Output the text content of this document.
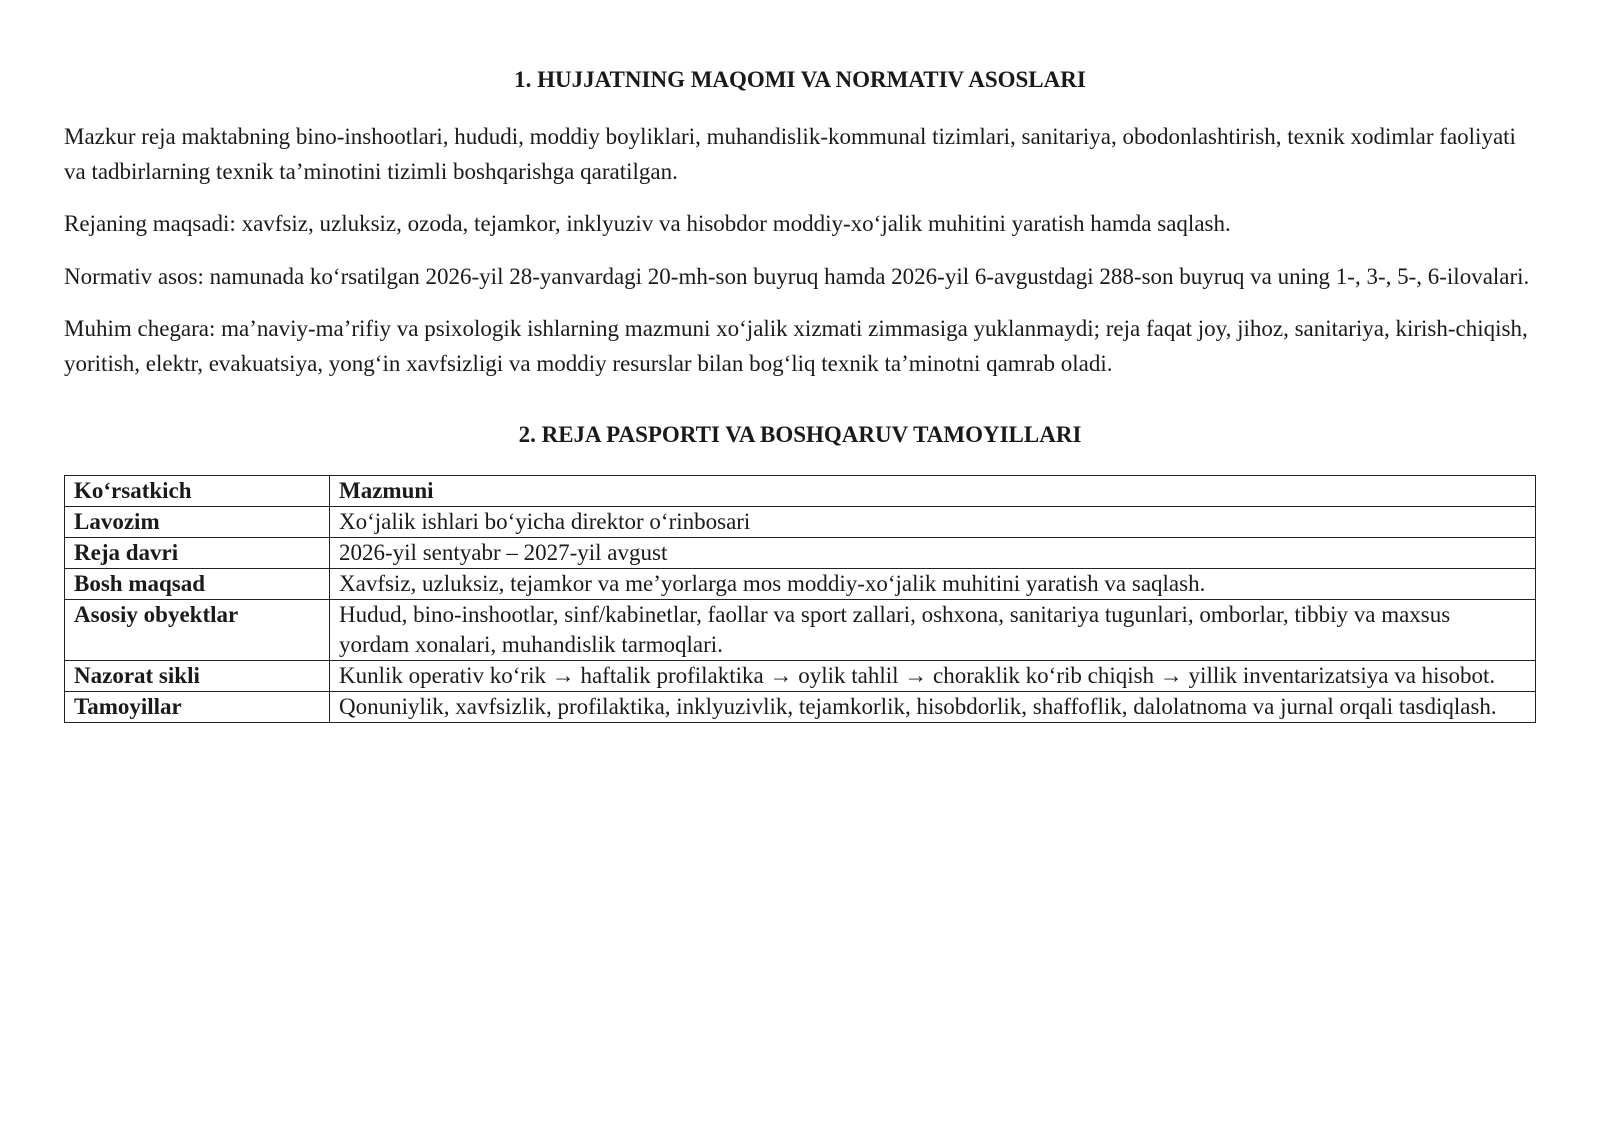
1. HUJJATNING MAQOMI VA NORMATIV ASOSLARI

Mazkur reja maktabning bino-inshootlari, hududi, moddiy boyliklari, muhandislik-kommunal tizimlari, sanitariya, obodonlashtirish, texnik xodimlar faoliyati va tadbirlarning texnik ta’minotini tizimli boshqarishga qaratilgan.

Rejaning maqsadi: xavfsiz, uzluksiz, ozoda, tejamkor, inklyuziv va hisobdor moddiy-xo‘jalik muhitini yaratish hamda saqlash.

Normativ asos: namunada ko‘rsatilgan 2026-yil 28-yanvardagi 20-mh-son buyruq hamda 2026-yil 6-avgustdagi 288-son buyruq va uning 1-, 3-, 5-, 6-ilovalari.

Muhim chegara: ma’naviy-ma’rifiy va psixologik ishlarning mazmuni xo‘jalik xizmati zimmasiga yuklanmaydi; reja faqat joy, jihoz, sanitariya, kirish-chiqish, yoritish, elektr, evakuatsiya, yong‘in xavfsizligi va moddiy resurslar bilan bog‘liq texnik ta’minotni qamrab oladi.

2. REJA PASPORTI VA BOSHQARUV TAMOYILLARI
Ko‘rsatkich	Mazmuni
Lavozim	Xo‘jalik ishlari bo‘yicha direktor o‘rinbosari
Reja davri	2026-yil sentyabr – 2027-yil avgust
Bosh maqsad	Xavfsiz, uzluksiz, tejamkor va me’yorlarga mos moddiy-xo‘jalik muhitini yaratish va saqlash.
Asosiy obyektlar	Hudud, bino-inshootlar, sinf/kabinetlar, faollar va sport zallari, oshxona, sanitariya tugunlari, omborlar, tibbiy va maxsus yordam xonalari, muhandislik tarmoqlari.
Nazorat sikli	Kunlik operativ ko‘rik → haftalik profilaktika → oylik tahlil → choraklik ko‘rib chiqish → yillik inventarizatsiya va hisobot.
Tamoyillar	Qonuniylik, xavfsizlik, profilaktika, inklyuzivlik, tejamkorlik, hisobdorlik, shaffoflik, dalolatnoma va jurnal orqali tasdiqlash.
